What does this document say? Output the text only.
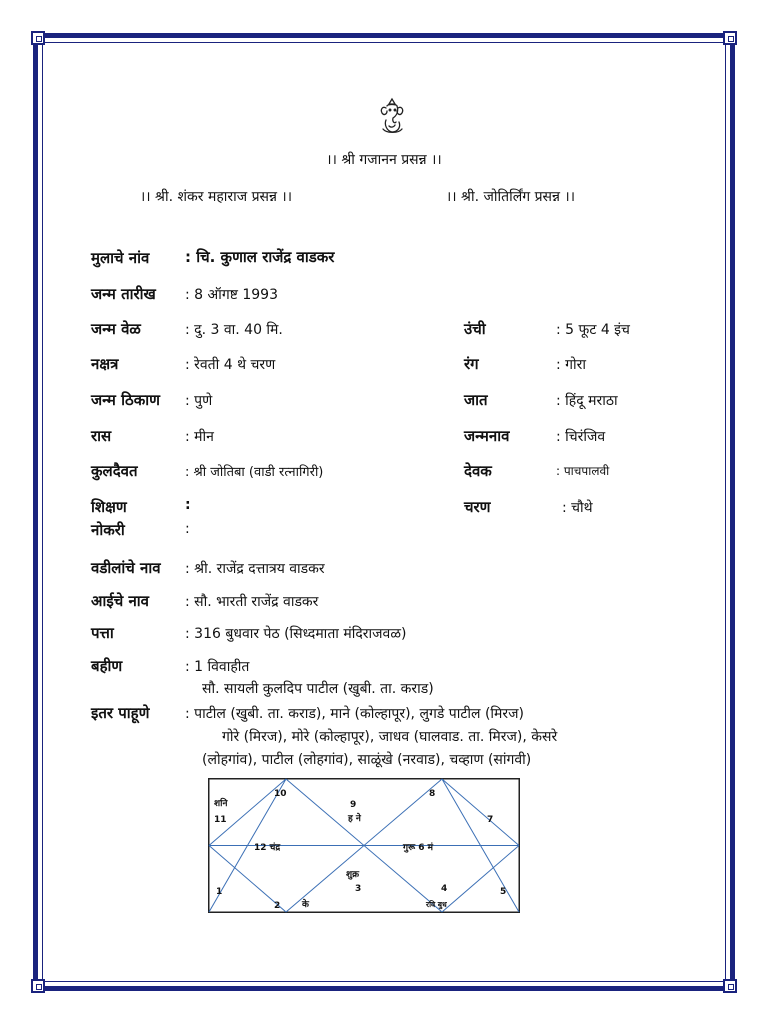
।। श्री गजानन प्रसन्न ।।
।। श्री. शंकर महाराज प्रसन्न ।।	।। श्री. जोतिर्लिंग प्रसन्न ।।
मुलाचे नांव : चि. कुणाल राजेंद्र वाडकर
जन्म तारीख : 8 ऑगष्ट 1993
जन्म वेळ	: दु. 3 वा. 40 मि.	उंची	: 5 फूट 4 इंच
नक्षत्र	: रेवती 4 थे चरण	रंग	: गोरा
जन्म ठिकाण : पुणे	जात	: हिंदू मराठा
रास	: मीन	जन्मनाव	: चिरंजिव
कुलदैवत	: श्री जोतिबा (वाडी रत्नागिरी)	देवक	: पाचपालवी
शिक्षण	:	चरण	: चौथे
नोकरी	:
वडीलांचे नाव : श्री. राजेंद्र दत्तात्रय वाडकर
आईचे नाव	: सौ. भारती राजेंद्र वाडकर
पत्ता	: 316 बुधवार पेठ (सिध्दमाता मंदिराजवळ)
बहीण	: 1 विवाहीत
सौ. सायली कुलदिप पाटील (खुबी. ता. कराड)
इतर पाहूणे	: पाटील (खुबी. ता. कराड), माने (कोल्हापूर), लुगडे पाटील (मिरज)
गोरे (मिरज), मोरे (कोल्हापूर), जाधव (घालवाड. ता. मिरज), केसरे
(लोहगांव), पाटील (लोहगांव), साळूंखे (नरवाड), चव्हाण (सांगवी)
शनि
11
10
9
ह ने
8
7
12 चंद्र	गुरू 6 मं
शुक्र
3
1
2 के
4	5
रवि बुध
